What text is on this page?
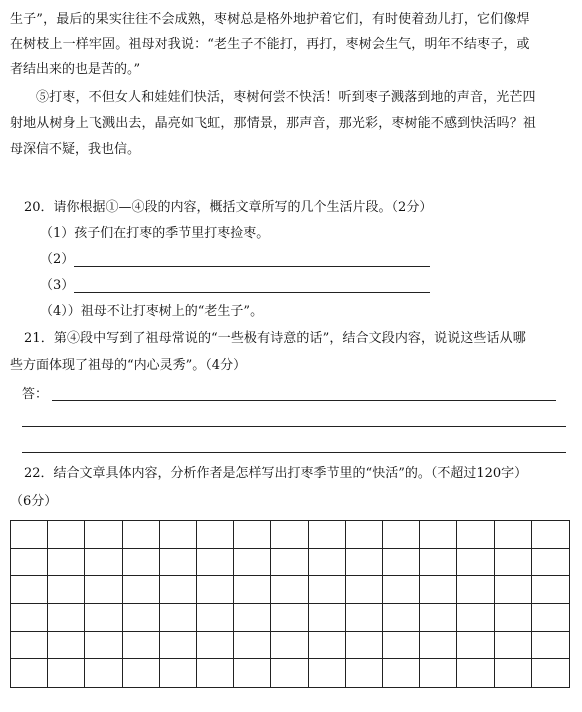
生子”，最后的果实往往不会成熟，枣树总是格外地护着它们，有时使着劲儿打，它们像焊
在树枝上一样牢固。祖母对我说：“老生子不能打，再打，枣树会生气，明年不结枣子，或
者结出来的也是苦的。”
⑤打枣，不但女人和娃娃们快活，枣树何尝不快活！听到枣子溅落到地的声音，光芒四
射地从树身上飞溅出去，晶亮如飞虹，那情景，那声音，那光彩，枣树能不感到快活吗？祖
母深信不疑，我也信。
20．请你根据①—④段的内容，概括文章所写的几个生活片段。（2分）
（1）孩子们在打枣的季节里打枣捡枣。
（2）
（3）
（4））祖母不让打枣树上的“老生子”。
21．第④段中写到了祖母常说的“一些极有诗意的话”，结合文段内容，说说这些话从哪
些方面体现了祖母的“内心灵秀”。（4分）
答：
22．结合文章具体内容，分析作者是怎样写出打枣季节里的“快活”的。（不超过120字）
（6分）
